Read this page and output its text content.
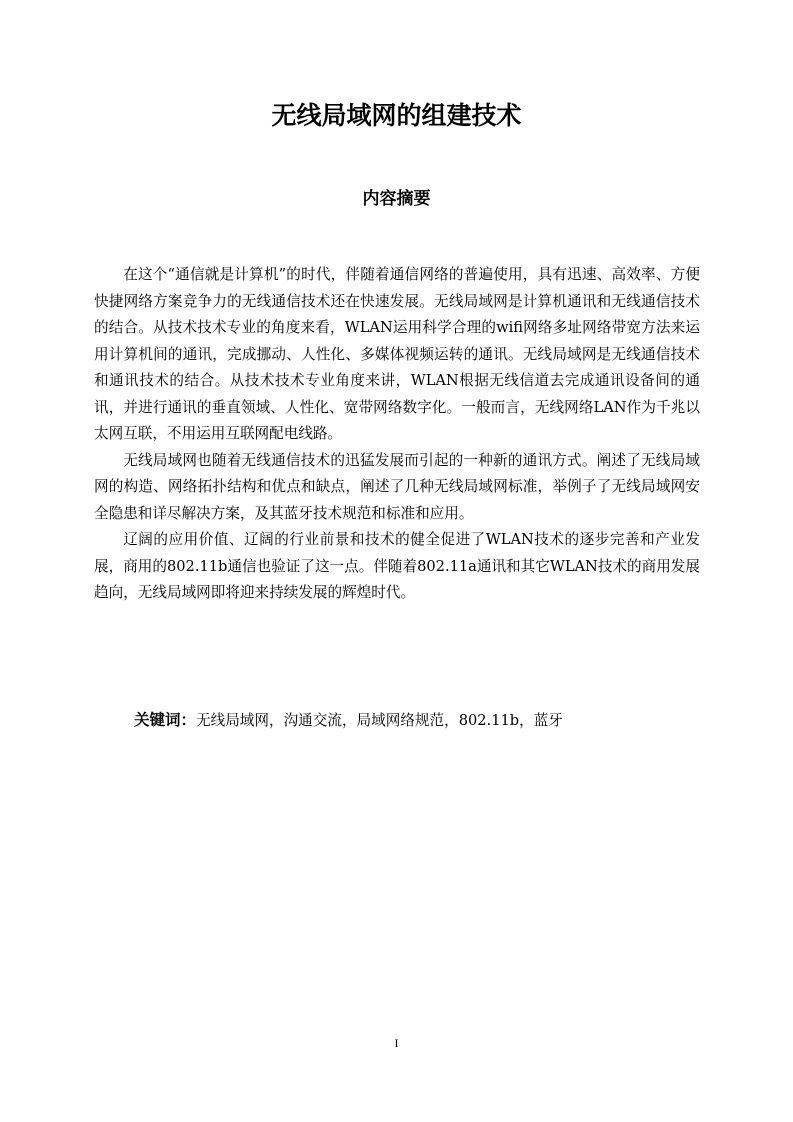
无线局域网的组建技术
内容摘要

在这个“通信就是计算机”的时代，伴随着通信网络的普遍使用，具有迅速、高效率、方便快捷网络方案竞争力的无线通信技术还在快速发展。无线局域网是计算机通讯和无线通信技术的结合。从技术技术专业的角度来看，WLAN运用科学合理的wifi网络多址网络带宽方法来运用计算机间的通讯，完成挪动、人性化、多媒体视频运转的通讯。无线局域网是无线通信技术和通讯技术的结合。从技术技术专业角度来讲，WLAN根据无线信道去完成通讯设备间的通讯，并进行通讯的垂直领域、人性化、宽带网络数字化。一般而言，无线网络LAN作为千兆以太网互联，不用运用互联网配电线路。

无线局域网也随着无线通信技术的迅猛发展而引起的一种新的通讯方式。阐述了无线局域网的构造、网络拓扑结构和优点和缺点，阐述了几种无线局域网标准，举例子了无线局域网安全隐患和详尽解决方案，及其蓝牙技术规范和标准和应用。

辽阔的应用价值、辽阔的行业前景和技术的健全促进了WLAN技术的逐步完善和产业发展，商用的802.11b通信也验证了这一点。伴随着802.11a通讯和其它WLAN技术的商用发展趋向，无线局域网即将迎来持续发展的辉煌时代。

关键词：无线局域网，沟通交流，局域网络规范，802.11b，蓝牙
I
